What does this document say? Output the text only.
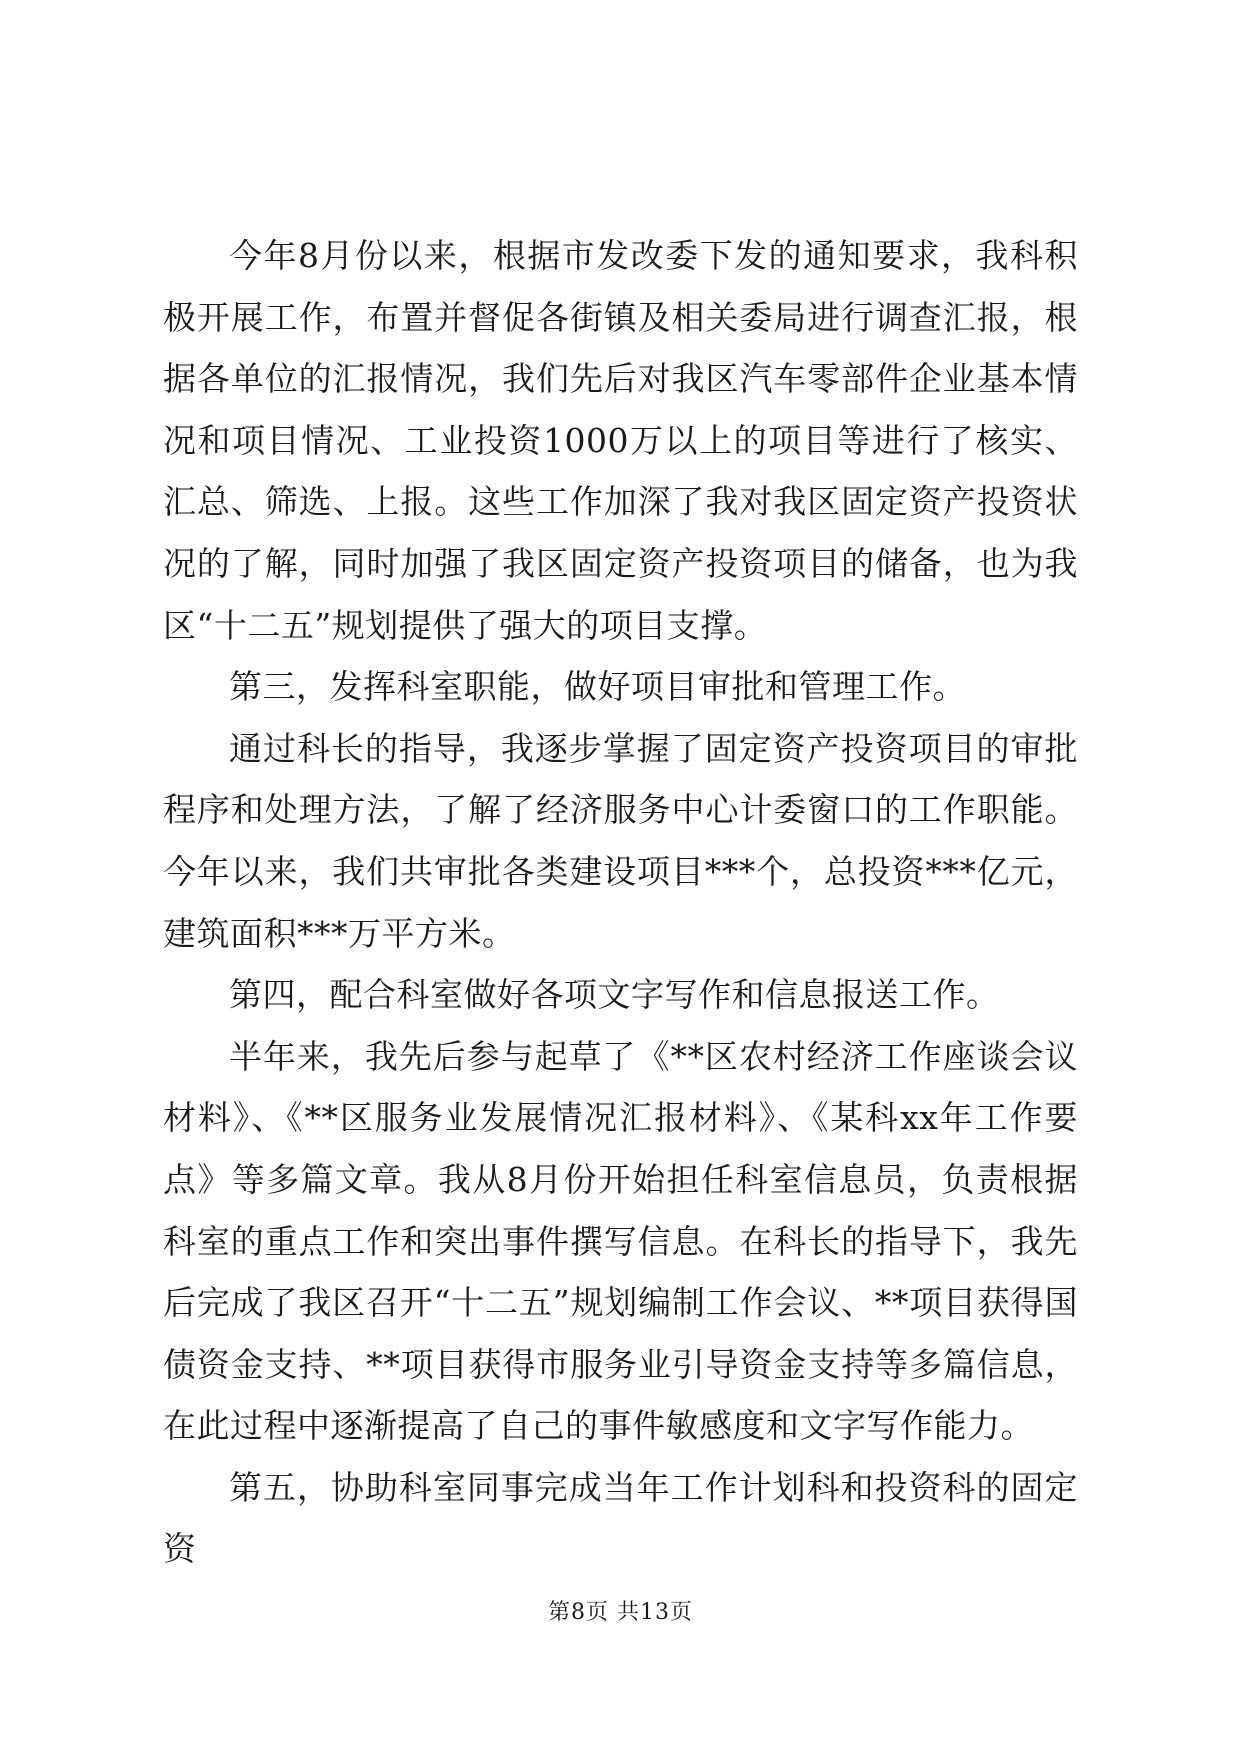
今年8月份以来，根据市发改委下发的通知要求，我科积极开展工作，布置并督促各街镇及相关委局进行调查汇报，根据各单位的汇报情况，我们先后对我区汽车零部件企业基本情况和项目情况、工业投资1000万以上的项目等进行了核实、汇总、筛选、上报。这些工作加深了我对我区固定资产投资状况的了解，同时加强了我区固定资产投资项目的储备，也为我区“十二五”规划提供了强大的项目支撑。

第三，发挥科室职能，做好项目审批和管理工作。

通过科长的指导，我逐步掌握了固定资产投资项目的审批程序和处理方法，了解了经济服务中心计委窗口的工作职能。今年以来，我们共审批各类建设项目***个，总投资***亿元，建筑面积***万平方米。

第四，配合科室做好各项文字写作和信息报送工作。

半年来，我先后参与起草了《**区农村经济工作座谈会议材料》、《**区服务业发展情况汇报材料》、《某科xx年工作要点》等多篇文章。我从8月份开始担任科室信息员，负责根据科室的重点工作和突出事件撰写信息。在科长的指导下，我先后完成了我区召开“十二五”规划编制工作会议、**项目获得国债资金支持、**项目获得市服务业引导资金支持等多篇信息，在此过程中逐渐提高了自己的事件敏感度和文字写作能力。

第五，协助科室同事完成当年工作计划科和投资科的固定资

第8页 共13页
